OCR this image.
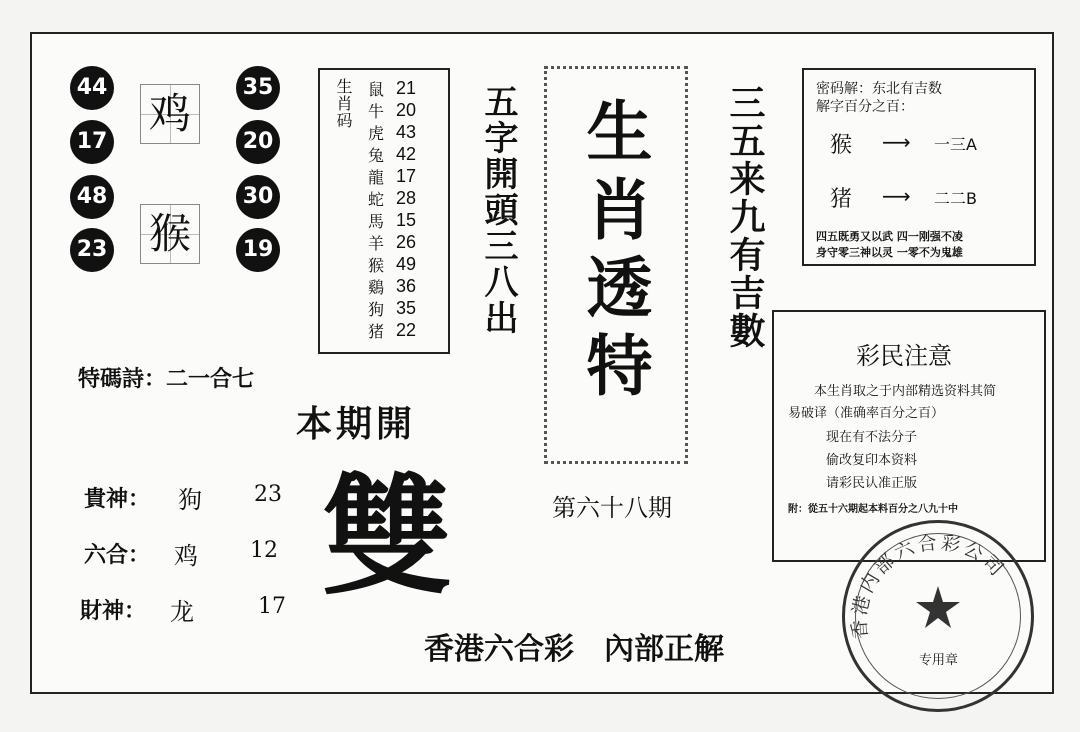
44
17
48
23
35
20
30
19
鸡
猴
生肖码 鼠 21
牛 20
虎 43
兔 42
龍 17
蛇 28
馬 15
羊 26
猴 49
鷄 36
狗 35
猪 22	五字開頭三八出 生肖透特 三五来九有吉數
第六十八期
密码解：东北有吉数
解字百分之百：
猴 ⟶ 一三A
猪 ⟶ 二二B
四五既勇又以武 四一刚强不凌
身守零三神以灵 一零不为鬼雄
特碼詩：二一合七
本期開
貴神： 狗 23
六合： 鸡 12
財神： 龙	17 雙
香港六合彩　內部正解
彩民注意
本生肖取之于内部精选资料其简
易破译（准确率百分之百）
现在有不法分子
偷改复印本资料
请彩民认准正版
附：從五十六期起本料百分之八九十中
香港内部六合彩公司
专用章
